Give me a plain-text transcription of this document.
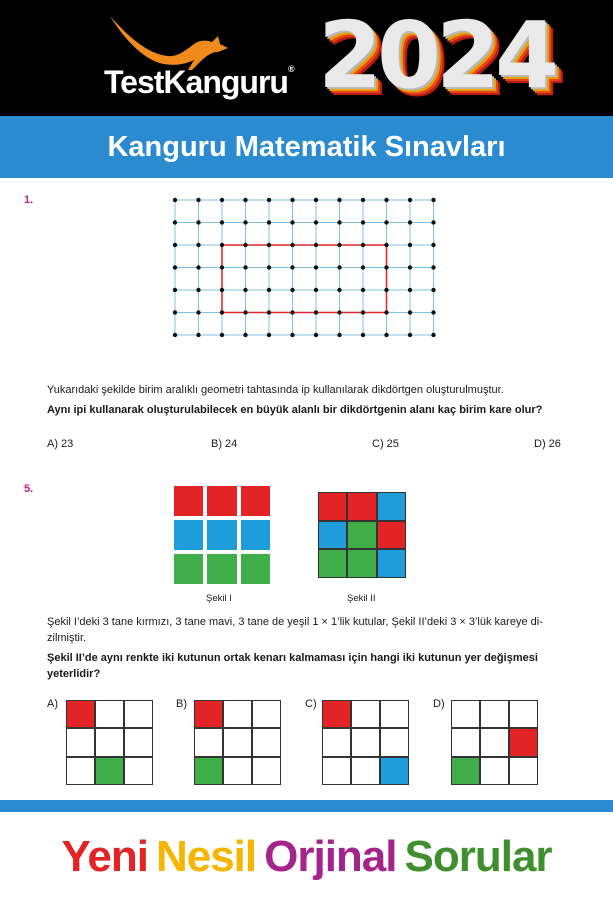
TestKanguru® 2024
Kanguru Matematik Sınavları
1.
Yukarıdaki şekilde birim aralıklı geometri tahtasında ip kullanılarak dikdörtgen oluşturulmuştur.
Aynı ipi kullanarak oluşturulabilecek en büyük alanlı bir dikdörtgenin alanı kaç birim kare olur?
A) 23	B) 24	C) 25	D) 26
5.
Şekil I	Şekil II
Şekil I’deki 3 tane kırmızı, 3 tane mavi, 3 tane de yeşil 1 × 1’lik kutular, Şekil II’deki 3 × 3’lük kareye di-
zilmiştir.
Şekil II’de aynı renkte iki kutunun ortak kenarı kalmaması için hangi iki kutunun yer değişmesi
yeterlidir?
A)	B)	C)	D)
Yeni Nesil Orjinal Sorular
